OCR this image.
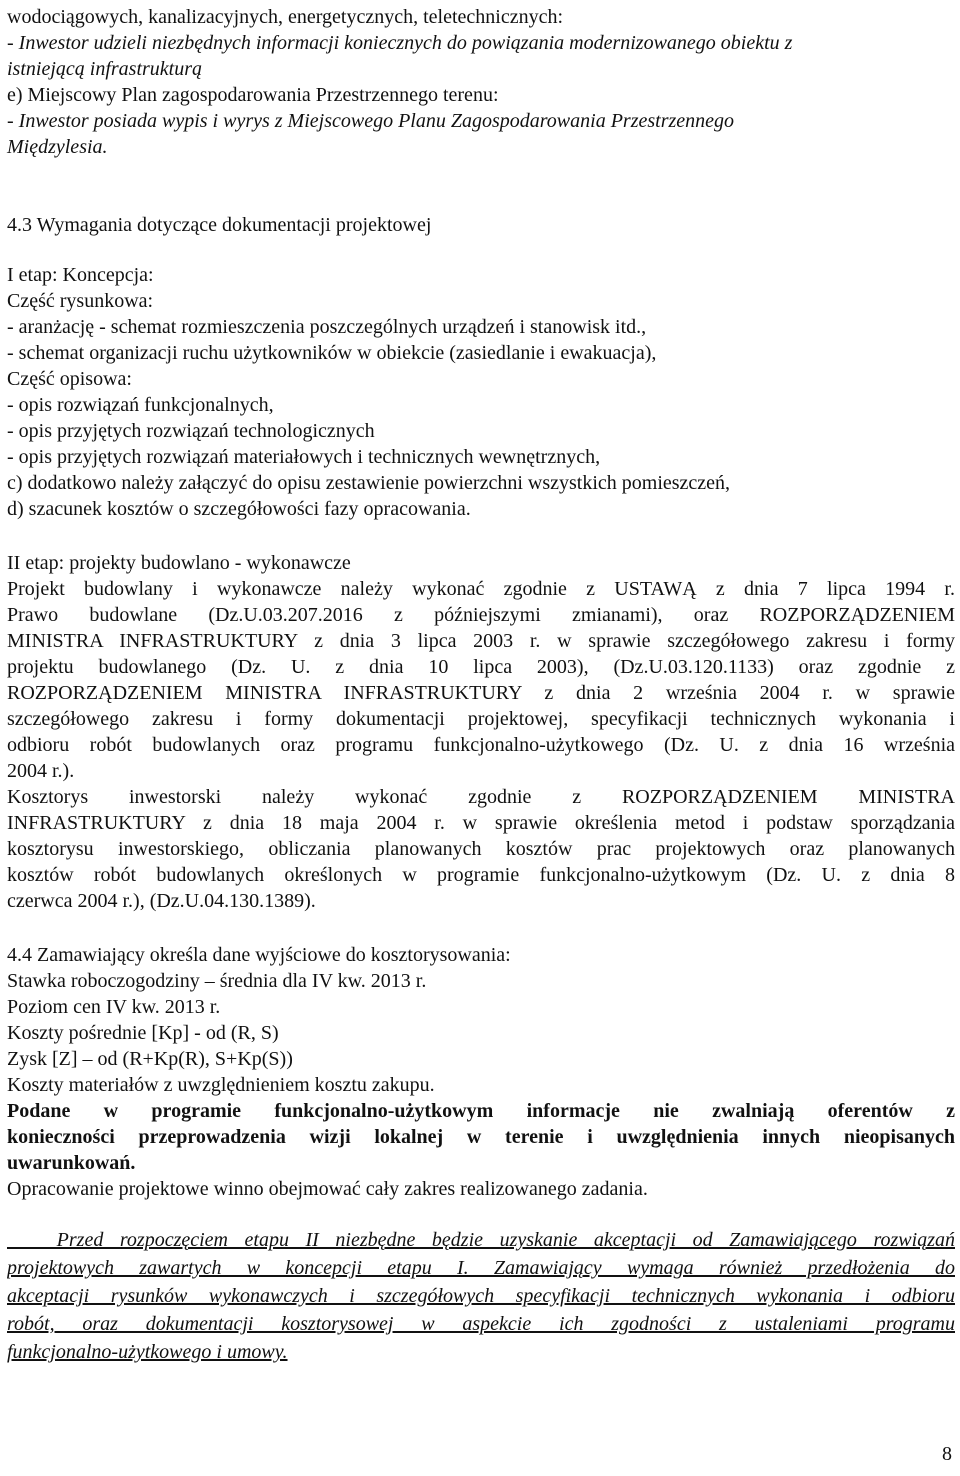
wodociągowych, kanalizacyjnych, energetycznych, teletechnicznych:
- Inwestor udzieli niezbędnych informacji koniecznych do powiązania modernizowanego obiektu z
istniejącą infrastrukturą
e) Miejscowy Plan zagospodarowania Przestrzennego terenu:
- Inwestor posiada wypis i wyrys z Miejscowego Planu Zagospodarowania Przestrzennego
Międzylesia.
4.3 Wymagania dotyczące dokumentacji projektowej
I etap: Koncepcja:
Część rysunkowa:
- aranżację - schemat rozmieszczenia poszczególnych urządzeń i stanowisk itd.,
- schemat organizacji ruchu użytkowników w obiekcie (zasiedlanie i ewakuacja),
Część opisowa:
- opis rozwiązań funkcjonalnych,
- opis przyjętych rozwiązań technologicznych
- opis przyjętych rozwiązań materiałowych i technicznych wewnętrznych,
c) dodatkowo należy załączyć do opisu zestawienie powierzchni wszystkich pomieszczeń,
d) szacunek kosztów o szczegółowości fazy opracowania.
II etap: projekty budowlano - wykonawcze
Projekt budowlany i wykonawcze należy wykonać zgodnie z USTAWĄ z dnia 7 lipca 1994 r.
Prawo budowlane (Dz.U.03.207.2016 z późniejszymi zmianami), oraz ROZPORZĄDZENIEM
MINISTRA INFRASTRUKTURY z dnia 3 lipca 2003 r. w sprawie szczegółowego zakresu i formy
projektu budowlanego (Dz. U. z dnia 10 lipca 2003), (Dz.U.03.120.1133) oraz zgodnie z
ROZPORZĄDZENIEM MINISTRA INFRASTRUKTURY z dnia 2 września 2004 r. w sprawie
szczegółowego zakresu i formy dokumentacji projektowej, specyfikacji technicznych wykonania i
odbioru robót budowlanych oraz programu funkcjonalno-użytkowego (Dz. U. z dnia 16 września
2004 r.).
Kosztorys inwestorski należy wykonać zgodnie z ROZPORZĄDZENIEM MINISTRA
INFRASTRUKTURY z dnia 18 maja 2004 r. w sprawie określenia metod i podstaw sporządzania
kosztorysu inwestorskiego, obliczania planowanych kosztów prac projektowych oraz planowanych
kosztów robót budowlanych określonych w programie funkcjonalno-użytkowym (Dz. U. z dnia 8
czerwca 2004 r.), (Dz.U.04.130.1389).
4.4 Zamawiający określa dane wyjściowe do kosztorysowania:
Stawka roboczogodziny – średnia dla IV kw. 2013 r.
Poziom cen IV kw. 2013 r.
Koszty pośrednie [Kp] - od (R, S)
Zysk [Z] – od (R+Kp(R), S+Kp(S))
Koszty materiałów z uwzględnieniem kosztu zakupu.
Podane w programie funkcjonalno-użytkowym informacje nie zwalniają oferentów z
konieczności przeprowadzenia wizji lokalnej w terenie i uwzględnienia innych nieopisanych
uwarunkowań.
Opracowanie projektowe winno obejmować cały zakres realizowanego zadania.
Przed rozpoczęciem etapu II niezbędne będzie uzyskanie akceptacji od Zamawiającego rozwiązań
projektowych zawartych w koncepcji etapu I. Zamawiający wymaga również przedłożenia do
akceptacji rysunków wykonawczych i szczegółowych specyfikacji technicznych wykonania i odbioru
robót, oraz dokumentacji kosztorysowej w aspekcie ich zgodności z ustaleniami programu
funkcjonalno-użytkowego i umowy.
8
